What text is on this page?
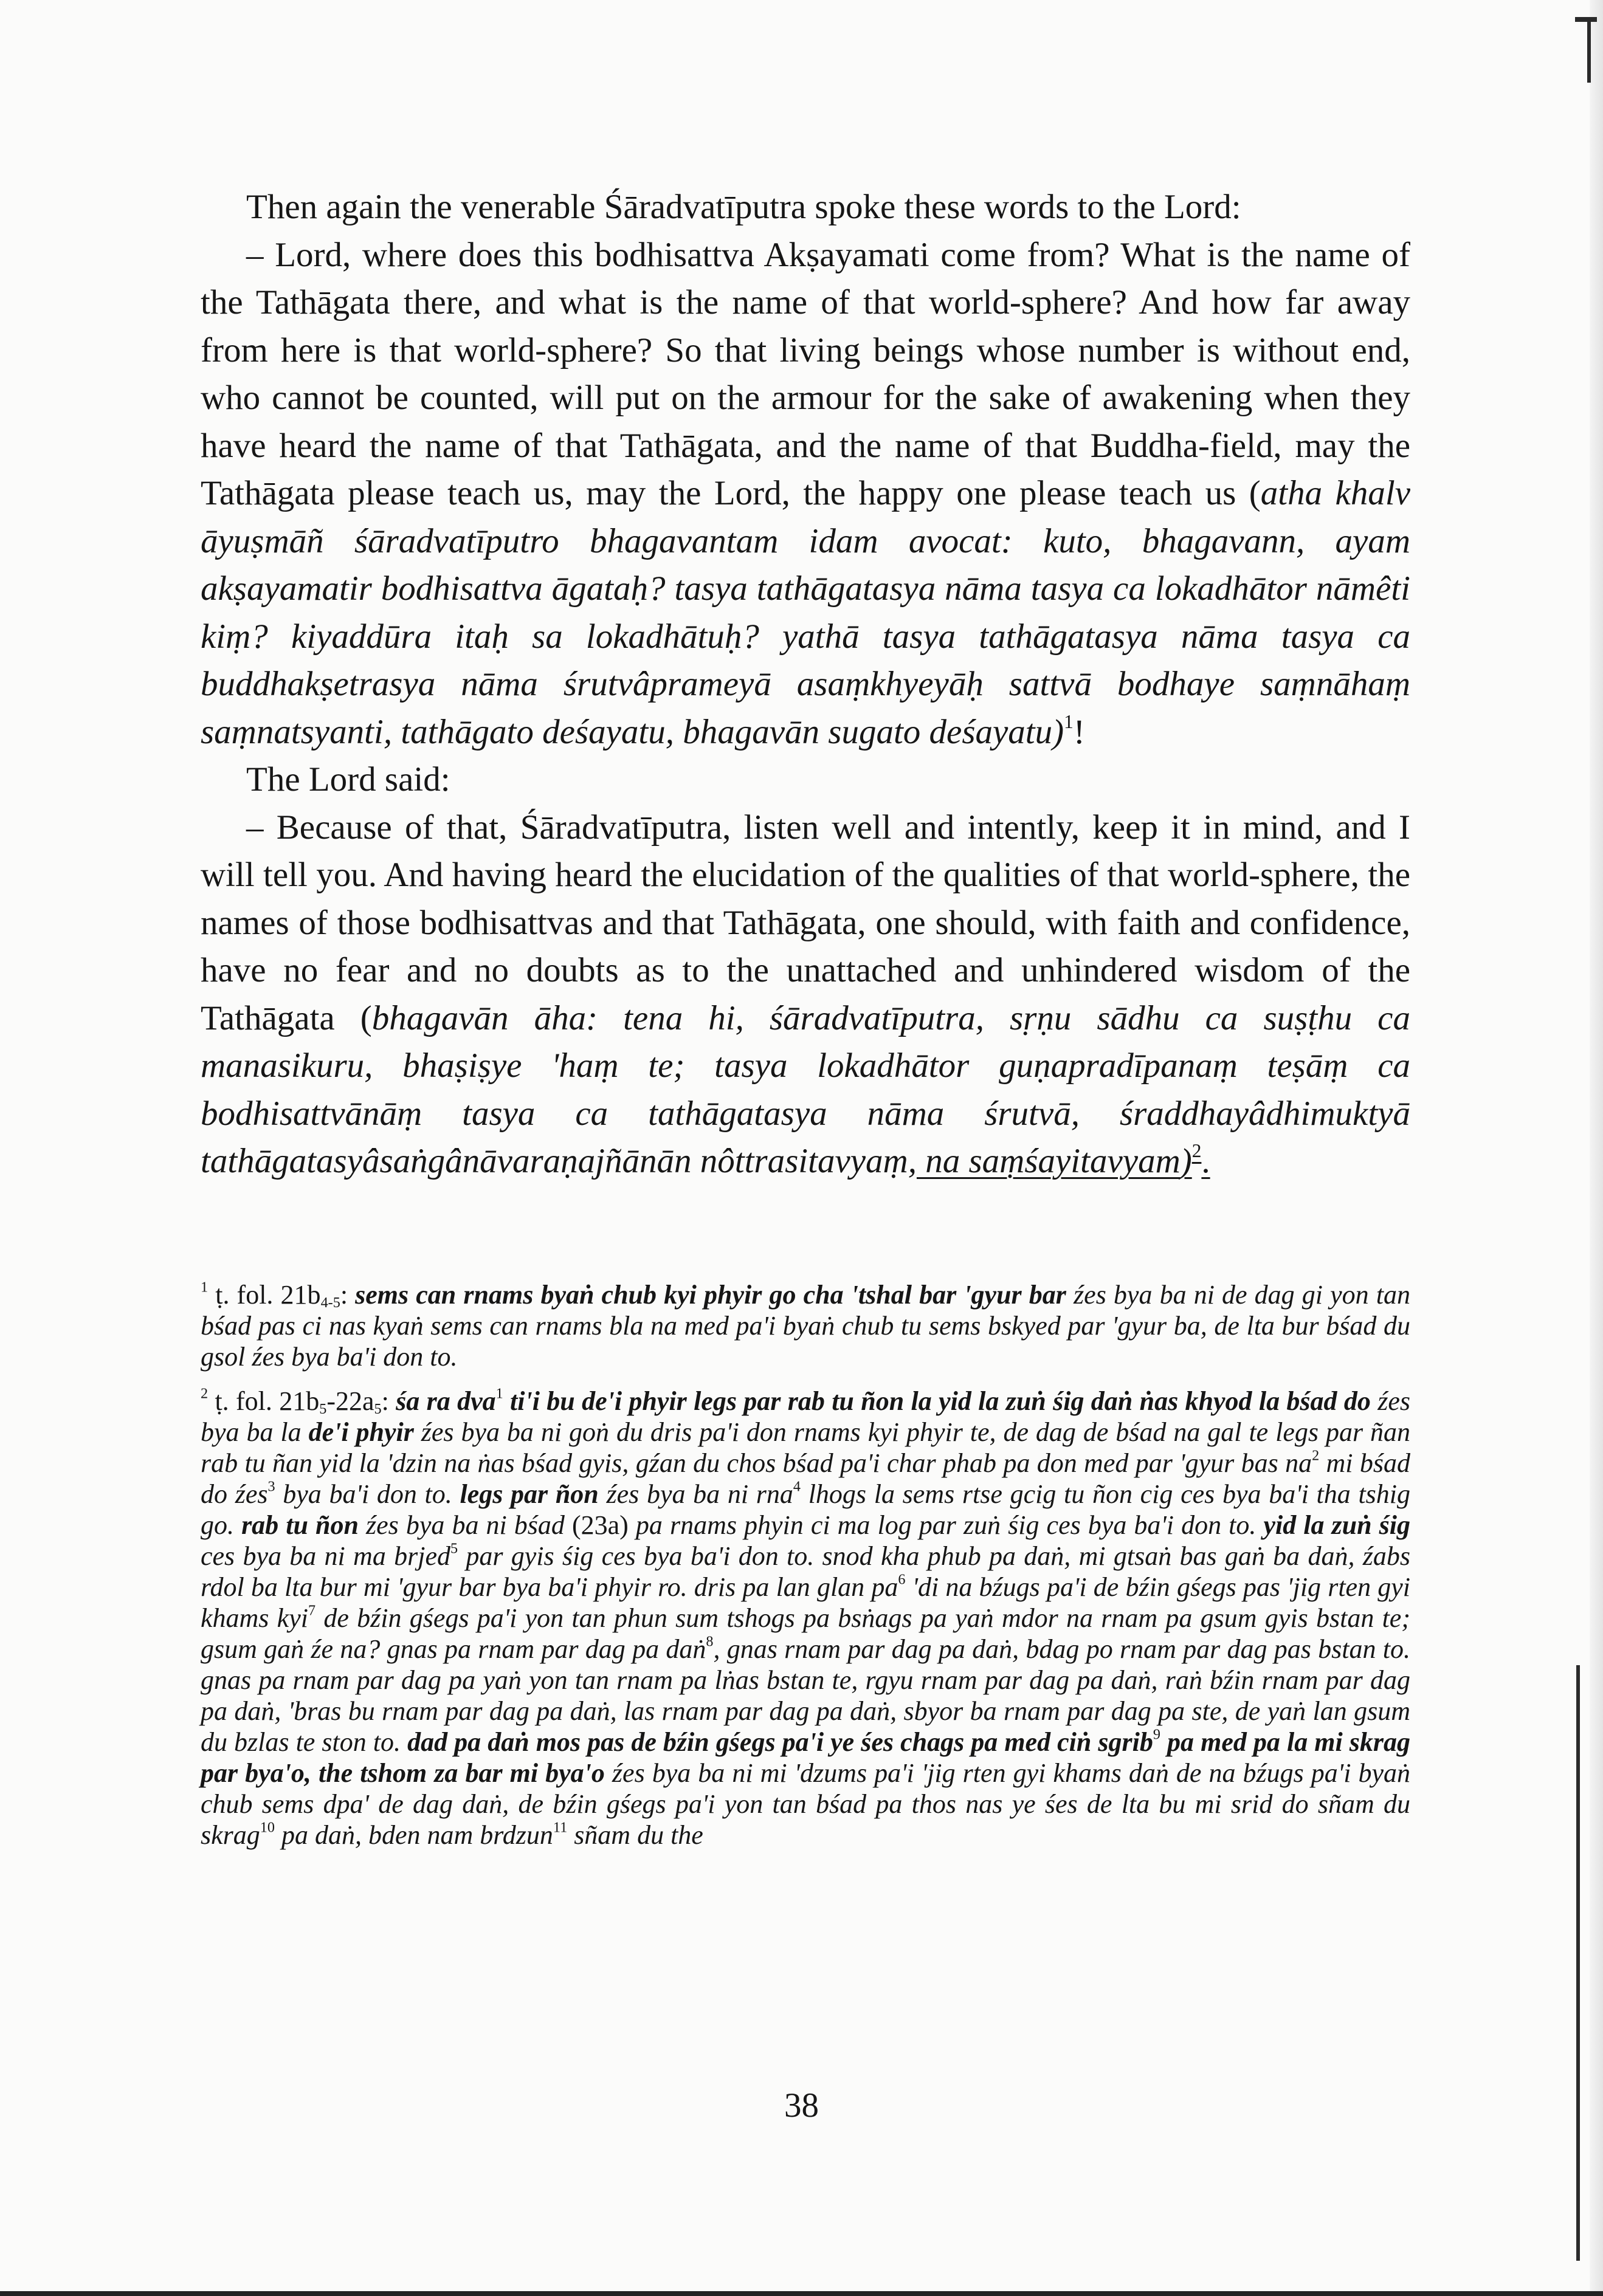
Then again the venerable Śāradvatīputra spoke these words to the Lord:

– Lord, where does this bodhisattva Akṣayamati come from? What is the name of the Tathāgata there, and what is the name of that world-sphere? And how far away from here is that world-sphere? So that living beings whose number is without end, who cannot be counted, will put on the armour for the sake of awakening when they have heard the name of that Tathāgata, and the name of that Buddha-field, may the Tathāgata please teach us, may the Lord, the happy one please teach us (atha khalv āyuṣmāñ śāradvatīputro bhagavantam idam avocat: kuto, bhagavann, ayam akṣayamatir bodhisattva āgataḥ? tasya tathāgatasya nāma tasya ca lokadhātor nāmêti kiṃ? kiyaddūra itaḥ sa lokadhātuḥ? yathā tasya tathāgatasya nāma tasya ca buddhakṣetrasya nāma śrutvâprameyā asaṃkhyeyāḥ sattvā bodhaye saṃnāhaṃ saṃnatsyanti, tathāgato deśayatu, bhagavān sugato deśayatu)$^1$!

The Lord said:

– Because of that, Śāradvatīputra, listen well and intently, keep it in mind, and I will tell you. And having heard the elucidation of the qualities of that world-sphere, the names of those bodhisattvas and that Tathāgata, one should, with faith and confidence, have no fear and no doubts as to the unattached and unhindered wisdom of the Tathāgata (bhagavān āha: tena hi, śāradvatīputra, sṛṇu sādhu ca suṣṭhu ca manasikuru, bhaṣiṣye 'haṃ te; tasya lokadhātor guṇapradīpanaṃ teṣāṃ ca bodhisattvānāṃ tasya ca tathāgatasya nāma śrutvā, śraddhayâdhimuktyā tathāgatasyâsaṅgânāvaraṇajñānān nôttrasitavyaṃ, na saṃśayitavyam)$^2$.

$^1$ ṭ. fol. $21b_{4-5}$: sems can rnams byaṅ chub kyi phyir go cha 'tshal bar 'gyur bar źes bya ba ni de dag gi yon tan bśad pas ci nas kyaṅ sems can rnams bla na med pa'i byaṅ chub tu sems bskyed par 'gyur ba, de lta bur bśad du gsol źes bya ba'i don to.

$^2$ ṭ. fol. $21b_5-22a_5$: śa ra dva$^1$ ti'i bu de'i phyir legs par rab tu ñon la yid la zuṅ śig daṅ ṅas khyod la bśad do źes bya ba la de'i phyir źes bya ba ni goṅ du dris pa'i don rnams kyi phyir te, de dag de bśad na gal te legs par ñan rab tu ñan yid la 'dzin na ṅas bśad gyis, gźan du chos bśad pa'i char phab pa don med par 'gyur bas $na^2$ mi bśad do źes$^3$ bya ba'i don to. legs par ñon źes bya ba ni rna$^4$ lhogs la sems rtse gcig tu ñon cig ces bya ba'i tha tshig go. rab tu ñon źes bya ba ni bśad (23a) pa rnams phyin ci ma log par zuṅ śig ces bya ba'i don to. yid la zuṅ śig ces bya ba ni ma brjed$^5$ par gyis śig ces bya ba'i don to. snod kha phub pa daṅ, mi gtsaṅ bas gaṅ ba daṅ, źabs rdol ba lta bur mi 'gyur bar bya ba'i phyir ro. dris pa lan glan $pa^6$ 'di na bźugs pa'i de bźin gśegs pas 'jig rten gyi khams kyi$^7$ de bźin gśegs pa'i yon tan phun sum tshogs pa bsṅags pa yaṅ mdor na rnam pa gsum gyis bstan te; gsum gaṅ źe na? gnas pa rnam par dag pa daṅ$^8$, gnas rnam par dag pa daṅ, bdag po rnam par dag pas bstan to. gnas pa rnam par dag pa yaṅ yon tan rnam pa lṅas bstan te, rgyu rnam par dag pa daṅ, raṅ bźin rnam par dag pa daṅ, 'bras bu rnam par dag pa daṅ, las rnam par dag pa daṅ, sbyor ba rnam par dag pa ste, de yaṅ lan gsum du bzlas te ston to. dad pa daṅ mos pas de bźin gśegs pa'i ye śes chags pa med ciṅ sgrib$^9$ pa med pa la mi skrag par bya'o, the tshom za bar mi bya'o źes bya ba ni mi 'dzums pa'i 'jig rten gyi khams daṅ de na bźugs pa'i byaṅ chub sems dpa' de dag daṅ, de bźin gśegs pa'i yon tan bśad pa thos nas ye śes de lta bu mi srid do sñam du skrag$^{10}$ pa daṅ, bden nam brdzun$^{11}$ sñam du the

38
